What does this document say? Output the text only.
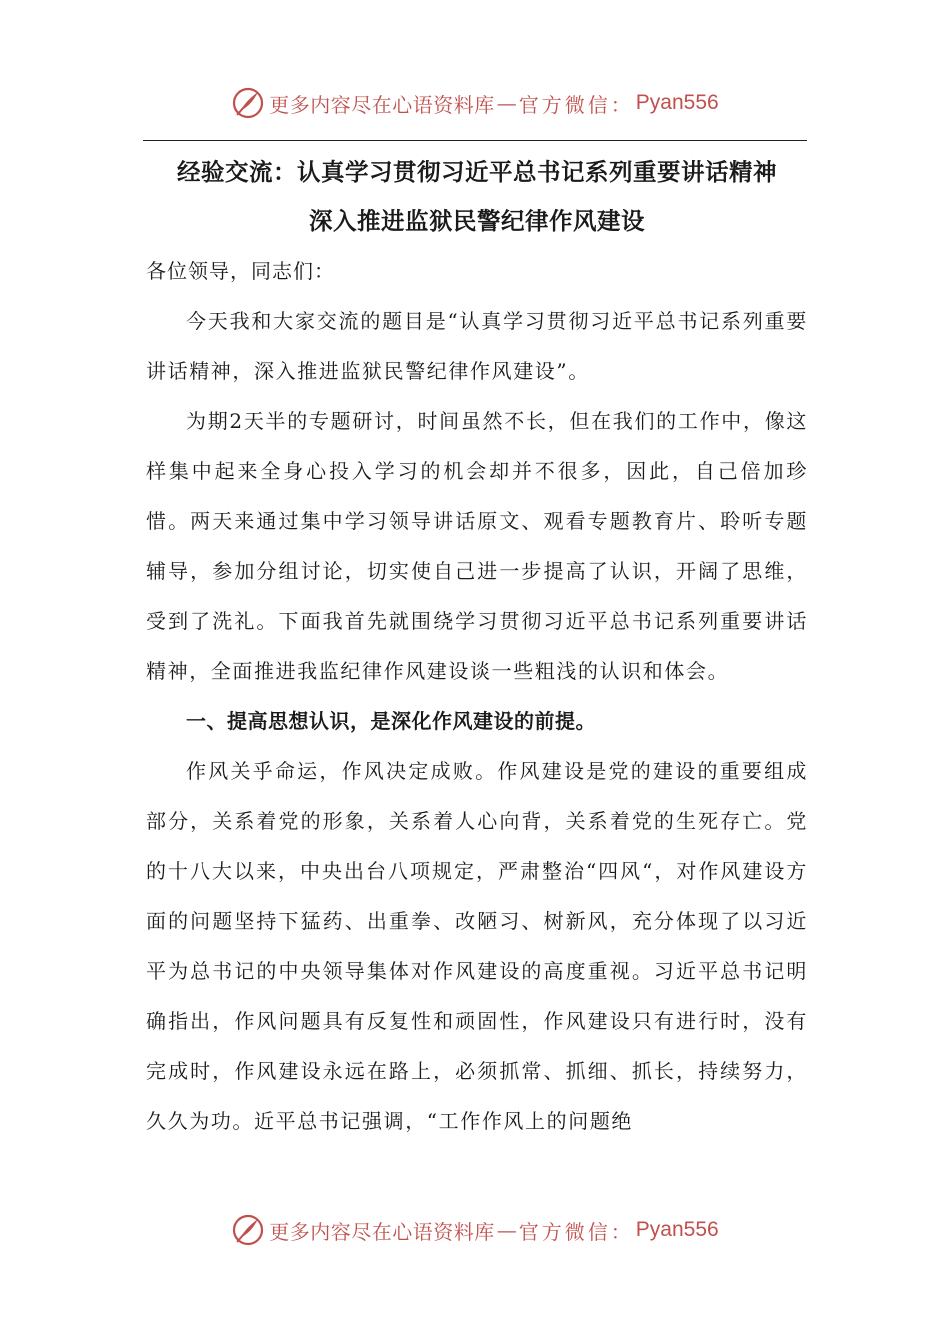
更多内容尽在心语资料库 — 官方微信： Pyan556
经验交流：认真学习贯彻习近平总书记系列重要讲话精神
深入推进监狱民警纪律作风建设

各位领导，同志们：

今天我和大家交流的题目是“认真学习贯彻习近平总书记系列重要讲话精神，深入推进监狱民警纪律作风建设”。

为期2天半的专题研讨，时间虽然不长，但在我们的工作中，像这样集中起来全身心投入学习的机会却并不很多，因此，自己倍加珍惜。两天来通过集中学习领导讲话原文、观看专题教育片、聆听专题辅导，参加分组讨论，切实使自己进一步提高了认识，开阔了思维，受到了洗礼。下面我首先就围绕学习贯彻习近平总书记系列重要讲话精神，全面推进我监纪律作风建设谈一些粗浅的认识和体会。

一、提高思想认识，是深化作风建设的前提。

作风关乎命运，作风决定成败。作风建设是党的建设的重要组成部分，关系着党的形象，关系着人心向背，关系着党的生死存亡。党的十八大以来，中央出台八项规定，严肃整治“四风“，对作风建设方面的问题坚持下猛药、出重拳、改陋习、树新风，充分体现了以习近平为总书记的中央领导集体对作风建设的高度重视。习近平总书记明确指出，作风问题具有反复性和顽固性，作风建设只有进行时，没有完成时，作风建设永远在路上，必须抓常、抓细、抓长，持续努力，久久为功。近平总书记强调，“工作作风上的问题绝

更多内容尽在心语资料库 — 官方微信： Pyan556
